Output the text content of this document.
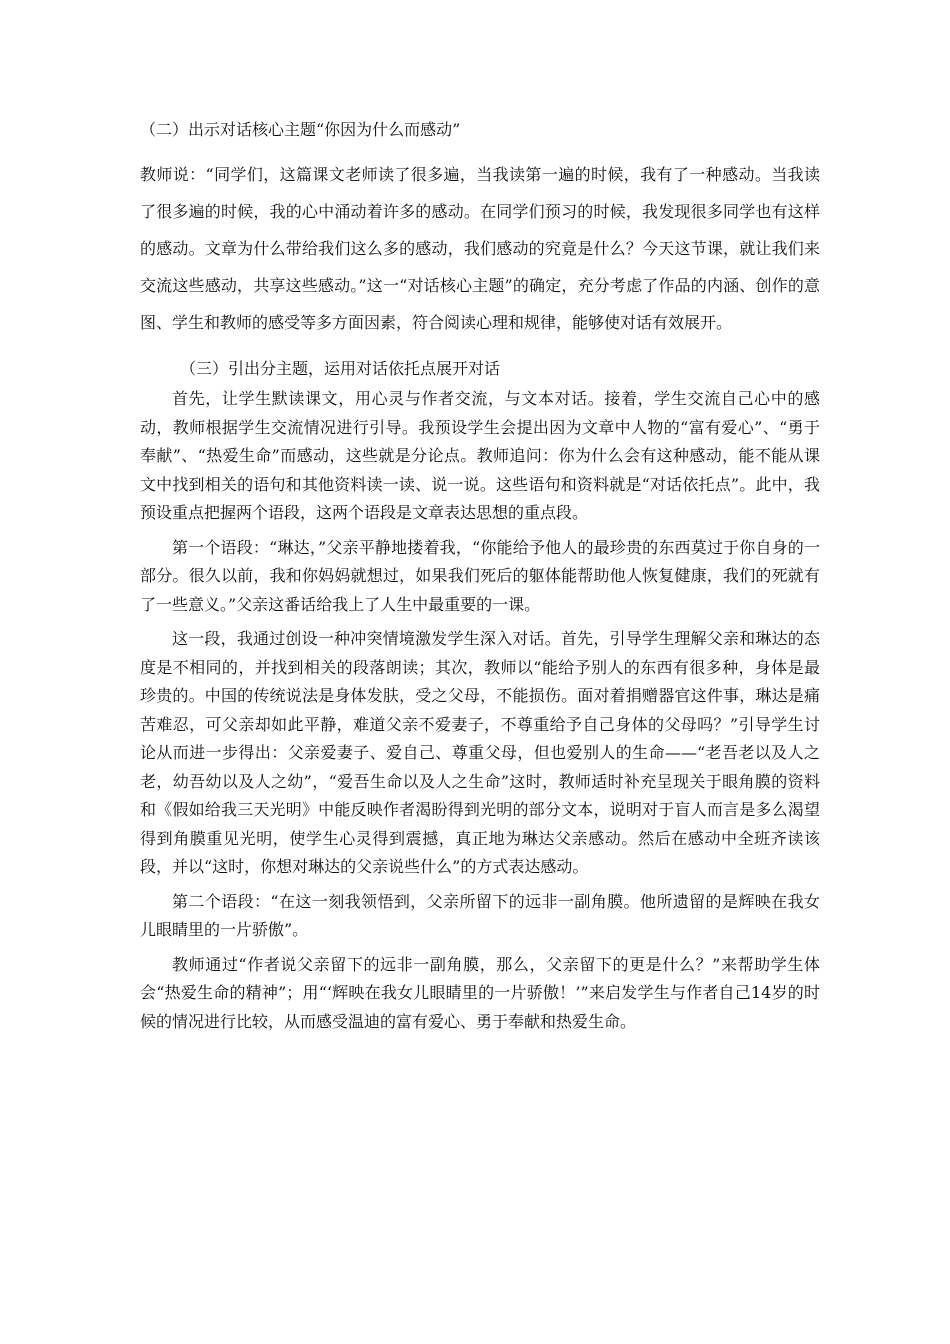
（二）出示对话核心主题“你因为什么而感动”

教师说：“同学们，这篇课文老师读了很多遍，当我读第一遍的时候，我有了一种感动。当我读了很多遍的时候，我的心中涌动着许多的感动。在同学们预习的时候，我发现很多同学也有这样的感动。文章为什么带给我们这么多的感动，我们感动的究竟是什么？今天这节课，就让我们来交流这些感动，共享这些感动。”这一“对话核心主题”的确定，充分考虑了作品的内涵、创作的意图、学生和教师的感受等多方面因素，符合阅读心理和规律，能够使对话有效展开。

（三）引出分主题，运用对话依托点展开对话

首先，让学生默读课文，用心灵与作者交流，与文本对话。接着，学生交流自己心中的感动，教师根据学生交流情况进行引导。我预设学生会提出因为文章中人物的“富有爱心”、“勇于奉献”、“热爱生命”而感动，这些就是分论点。教师追问：你为什么会有这种感动，能不能从课文中找到相关的语句和其他资料读一读、说一说。这些语句和资料就是“对话依托点”。此中，我预设重点把握两个语段，这两个语段是文章表达思想的重点段。

第一个语段：“琳达，”父亲平静地搂着我，“你能给予他人的最珍贵的东西莫过于你自身的一部分。很久以前，我和你妈妈就想过，如果我们死后的躯体能帮助他人恢复健康，我们的死就有了一些意义。”父亲这番话给我上了人生中最重要的一课。

这一段，我通过创设一种冲突情境激发学生深入对话。首先，引导学生理解父亲和琳达的态度是不相同的，并找到相关的段落朗读；其次，教师以“能给予别人的东西有很多种，身体是最珍贵的。中国的传统说法是身体发肤，受之父母，不能损伤。面对着捐赠器官这件事，琳达是痛苦难忍，可父亲却如此平静，难道父亲不爱妻子，不尊重给予自己身体的父母吗？”引导学生讨论从而进一步得出：父亲爱妻子、爱自己、尊重父母，但也爱别人的生命——“老吾老以及人之老，幼吾幼以及人之幼”，“爱吾生命以及人之生命”这时，教师适时补充呈现关于眼角膜的资料和《假如给我三天光明》中能反映作者渴盼得到光明的部分文本，说明对于盲人而言是多么渴望得到角膜重见光明，使学生心灵得到震撼，真正地为琳达父亲感动。然后在感动中全班齐读该段，并以“这时，你想对琳达的父亲说些什么”的方式表达感动。

第二个语段：“在这一刻我领悟到，父亲所留下的远非一副角膜。他所遗留的是辉映在我女儿眼睛里的一片骄傲”。

教师通过“作者说父亲留下的远非一副角膜，那么，父亲留下的更是什么？”来帮助学生体会“热爱生命的精神”；用“‘辉映在我女儿眼睛里的一片骄傲！’”来启发学生与作者自己14岁的时候的情况进行比较，从而感受温迪的富有爱心、勇于奉献和热爱生命。
